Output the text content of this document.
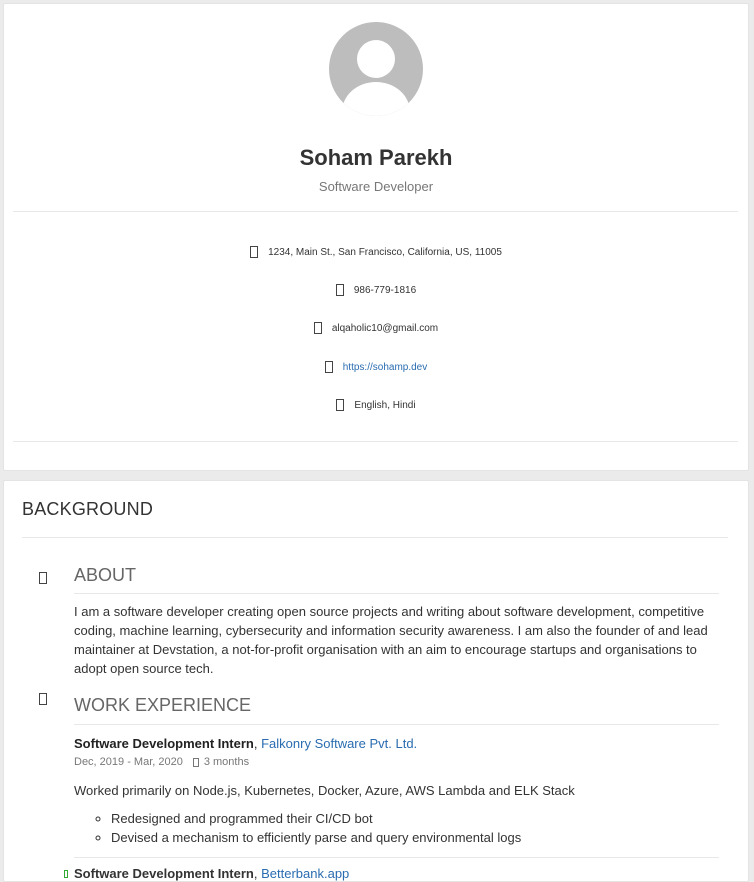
Soham Parekh
Software Developer
1234, Main St., San Francisco, California, US, 11005
986-779-1816
alqaholic10@gmail.com
https://sohamp.dev
English, Hindi
BACKGROUND
ABOUT
I am a software developer creating open source projects and writing about software development, competitive coding, machine learning, cybersecurity and information security awareness. I am also the founder of and lead maintainer at Devstation, a not-for-profit organisation with an aim to encourage startups and organisations to adopt open source tech.
WORK EXPERIENCE
Software Development Intern, Falkonry Software Pvt. Ltd.
Dec, 2019 - Mar, 2020 3 months
Worked primarily on Node.js, Kubernetes, Docker, Azure, AWS Lambda and ELK Stack
◦ Redesigned and programmed their CI/CD bot
◦ Devised a mechanism to efficiently parse and query environmental logs
Software Development Intern , Betterbank.app
